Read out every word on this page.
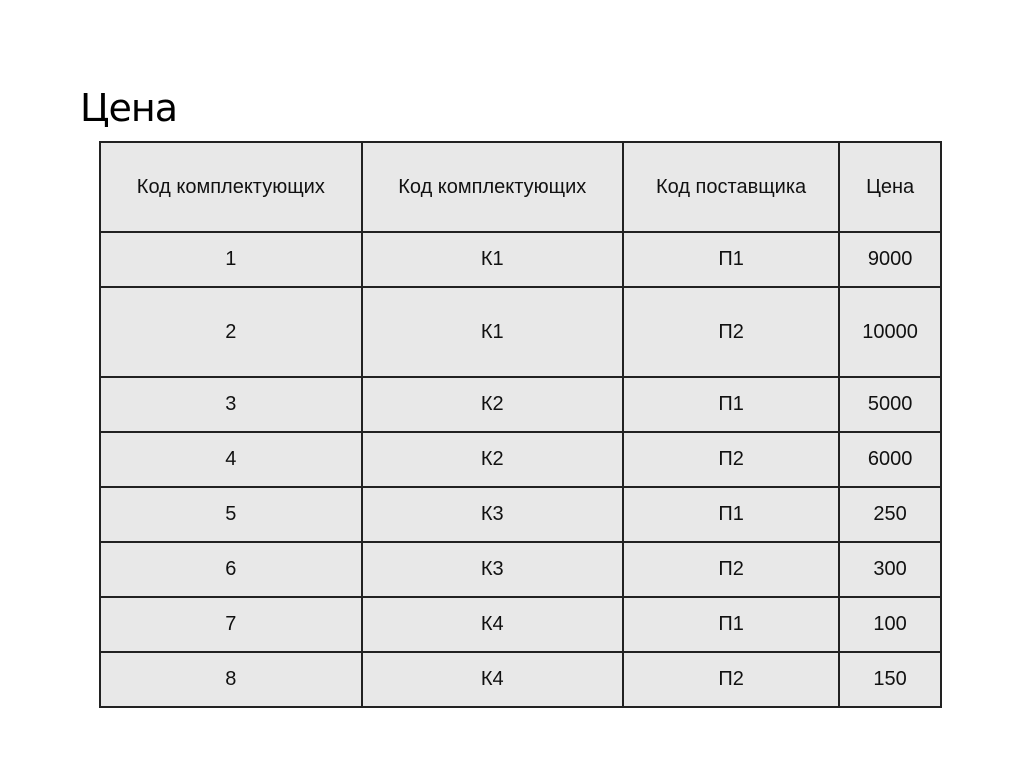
Цена
Код комплектующих	Код комплектующих	Код поставщика	Цена
1	К1	П1	9000
2	К1	П2	10000
3	К2	П1	5000
4	К2	П2	6000
5	К3	П1	250
6	К3	П2	300
7	К4	П1	100
8	К4	П2	150
